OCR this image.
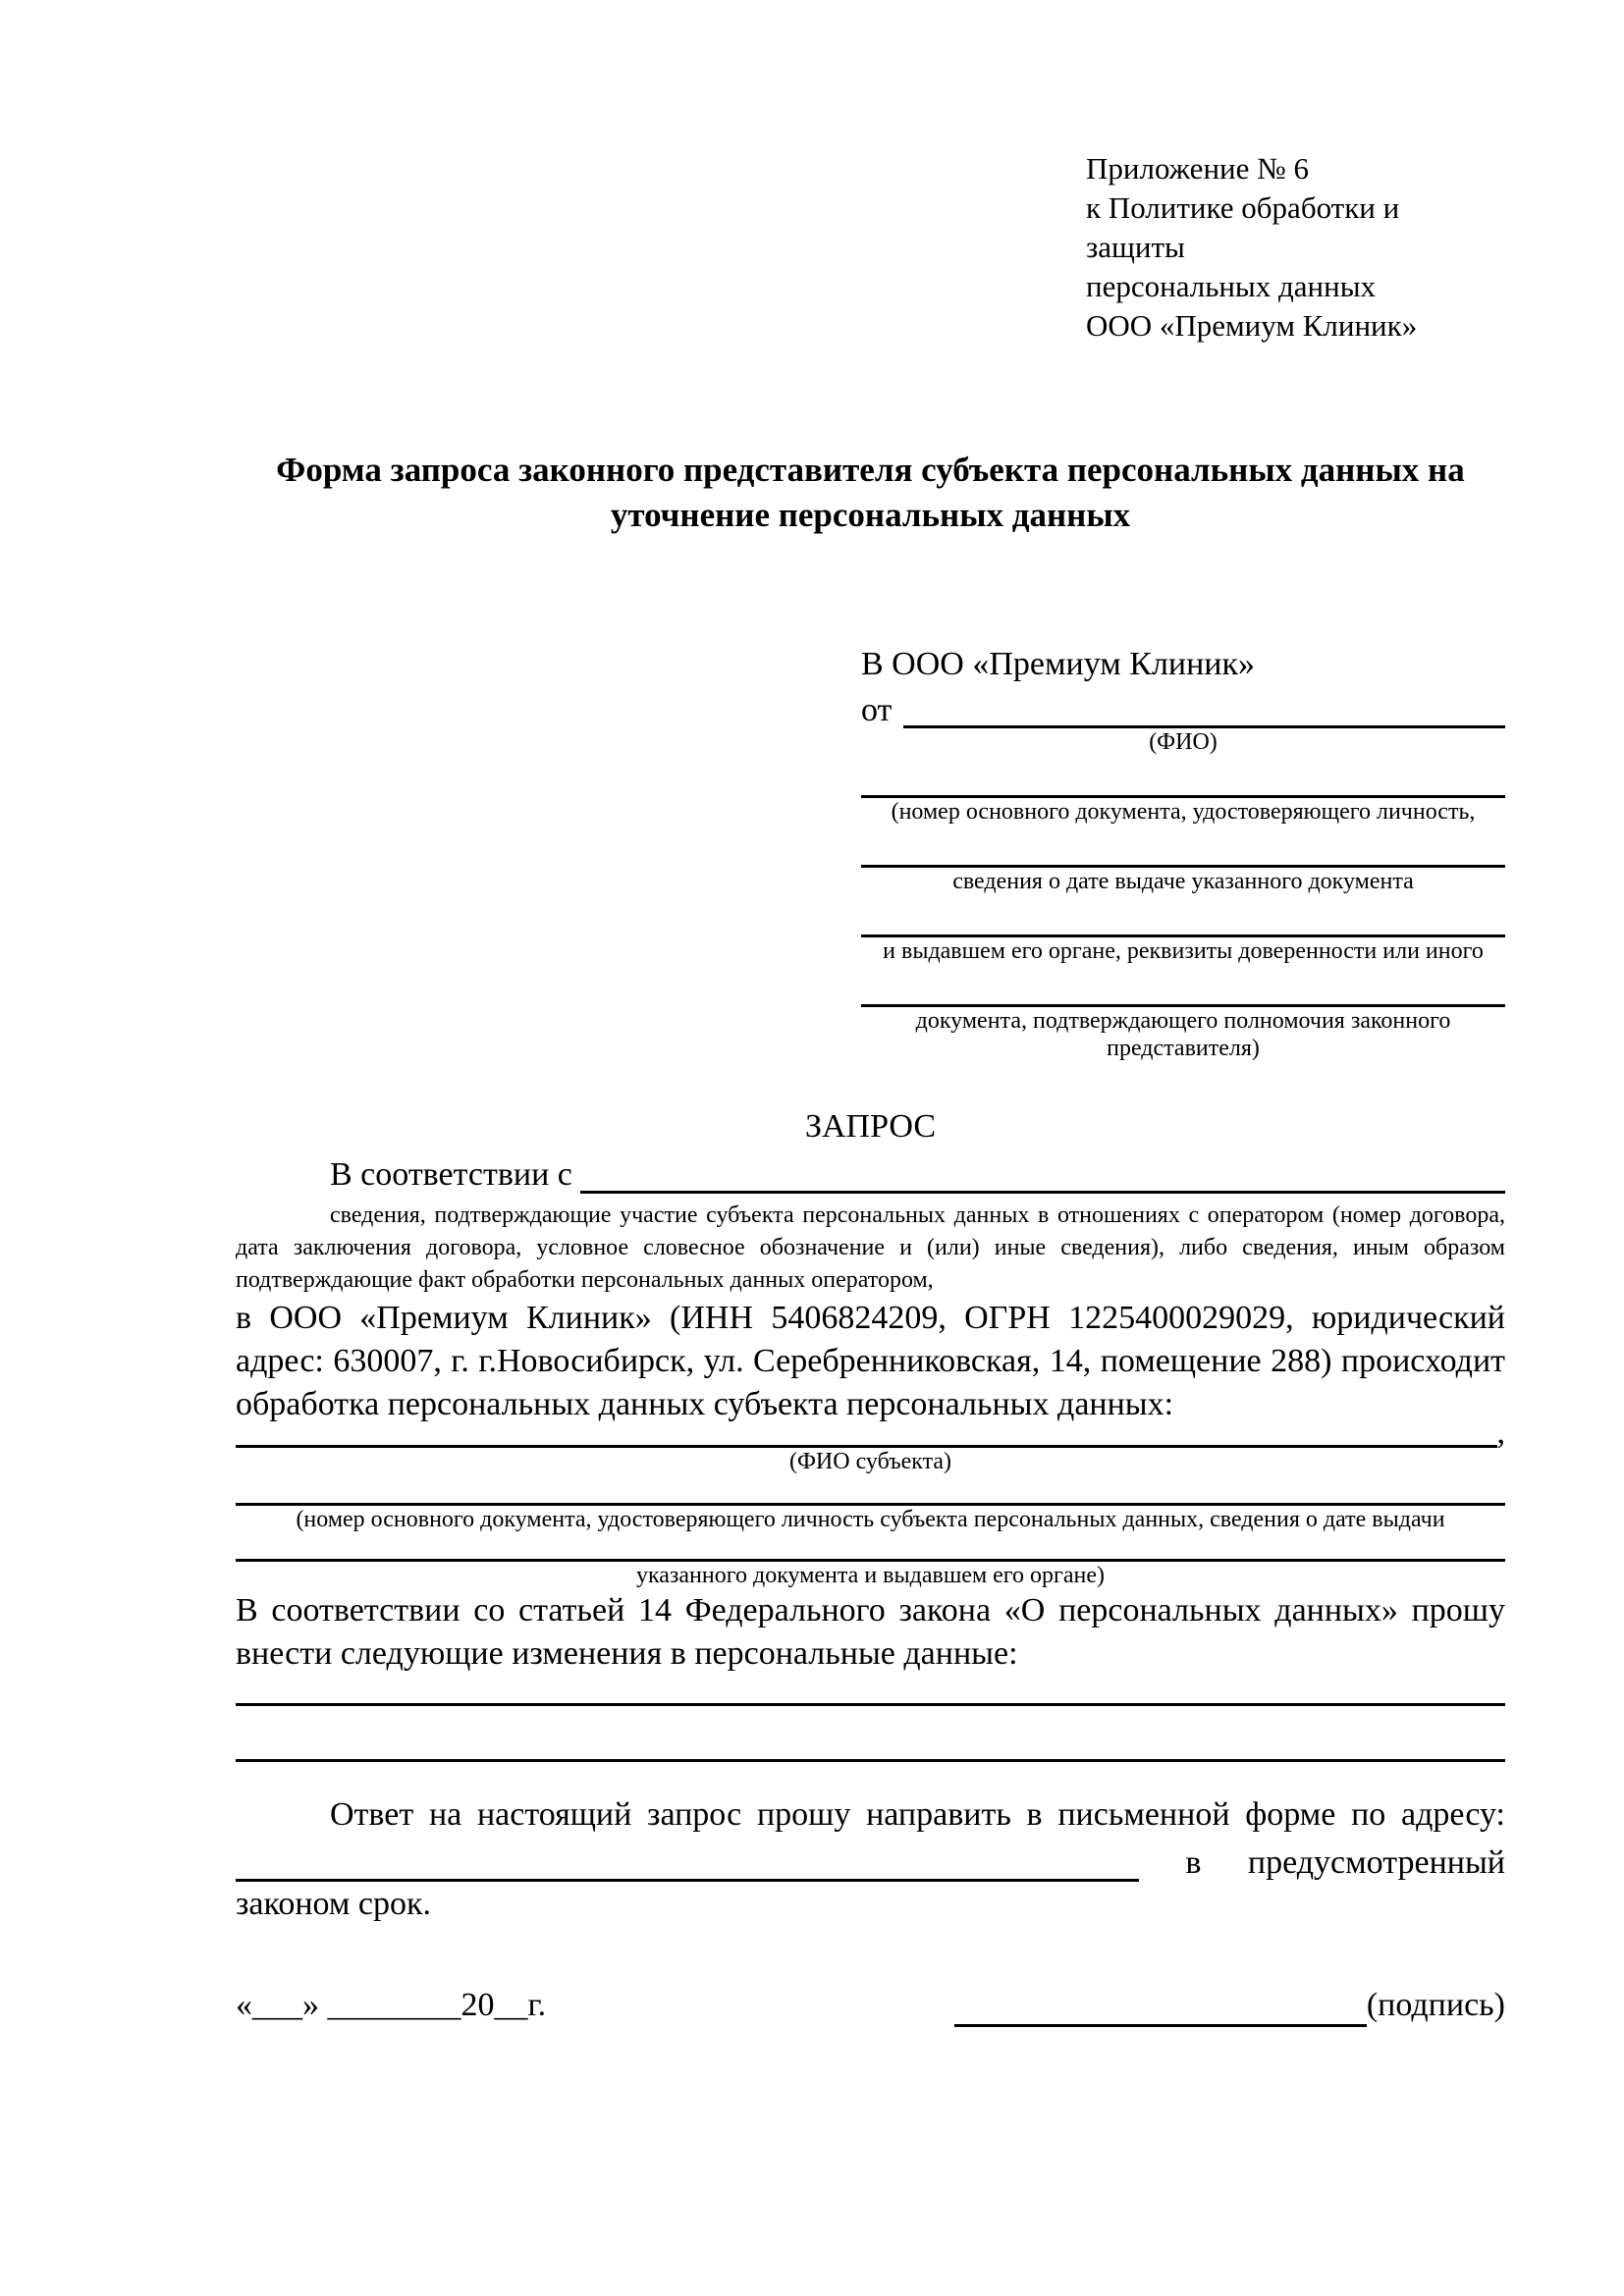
Приложение № 6
к Политике обработки и защиты
персональных данных
ООО «Премиум Клиник»
Форма запроса законного представителя субъекта персональных данных на уточнение персональных данных
В ООО «Премиум Клиник»
от
(ФИО)
(номер основного документа, удостоверяющего личность,
сведения о дате выдаче указанного документа
и выдавшем его органе, реквизиты доверенности или иного
документа, подтверждающего полномочия законного представителя)
ЗАПРОС
В соответствии с
сведения, подтверждающие участие субъекта персональных данных в отношениях с оператором (номер договора, дата заключения договора, условное словесное обозначение и (или) иные сведения), либо сведения, иным образом подтверждающие факт обработки персональных данных оператором,
в ООО «Премиум Клиник» (ИНН 5406824209, ОГРН 1225400029029, юридический адрес: 630007, г. г.Новосибирск, ул. Серебренниковская, 14, помещение 288) происходит обработка персональных данных субъекта персональных данных:
,
(ФИО субъекта)
(номер основного документа, удостоверяющего личность субъекта персональных данных, сведения о дате выдачи
указанного документа и выдавшем его органе)
В соответствии со статьей 14 Федерального закона «О персональных данных» прошу внести следующие изменения в персональные данные:
Ответ на настоящий запрос прошу направить в письменной форме по адресу:
в предусмотренный
законом срок.
«___» ________20__г.	(подпись)
